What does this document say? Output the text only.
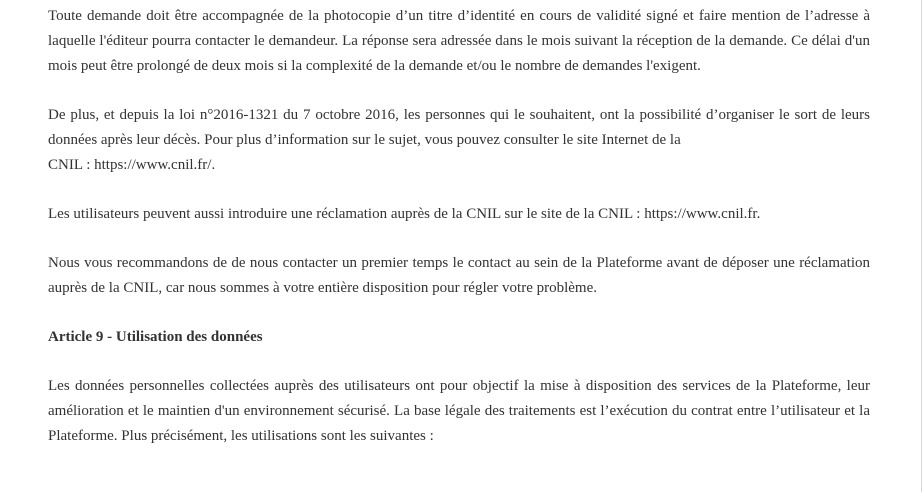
Toute demande doit être accompagnée de la photocopie d’un titre d’identité en cours de validité signé et faire mention de l’adresse à laquelle l'éditeur pourra contacter le demandeur. La réponse sera adressée dans le mois suivant la réception de la demande. Ce délai d'un mois peut être prolongé de deux mois si la complexité de la demande et/ou le nombre de demandes l'exigent.

De plus, et depuis la loi n°2016-1321 du 7 octobre 2016, les personnes qui le souhaitent, ont la possibilité d’organiser le sort de leurs données après leur décès. Pour plus d’information sur le sujet, vous pouvez consulter le site Internet de la
CNIL : https://www.cnil.fr/.

Les utilisateurs peuvent aussi introduire une réclamation auprès de la CNIL sur le site de la CNIL : https://www.cnil.fr.

Nous vous recommandons de de nous contacter un premier temps le contact au sein de la Plateforme avant de déposer une réclamation auprès de la CNIL, car nous sommes à votre entière disposition pour régler votre problème.

Article 9 - Utilisation des données

Les données personnelles collectées auprès des utilisateurs ont pour objectif la mise à disposition des services de la Plateforme, leur amélioration et le maintien d'un environnement sécurisé. La base légale des traitements est l’exécution du contrat entre l’utilisateur et la Plateforme. Plus précisément, les utilisations sont les suivantes :
